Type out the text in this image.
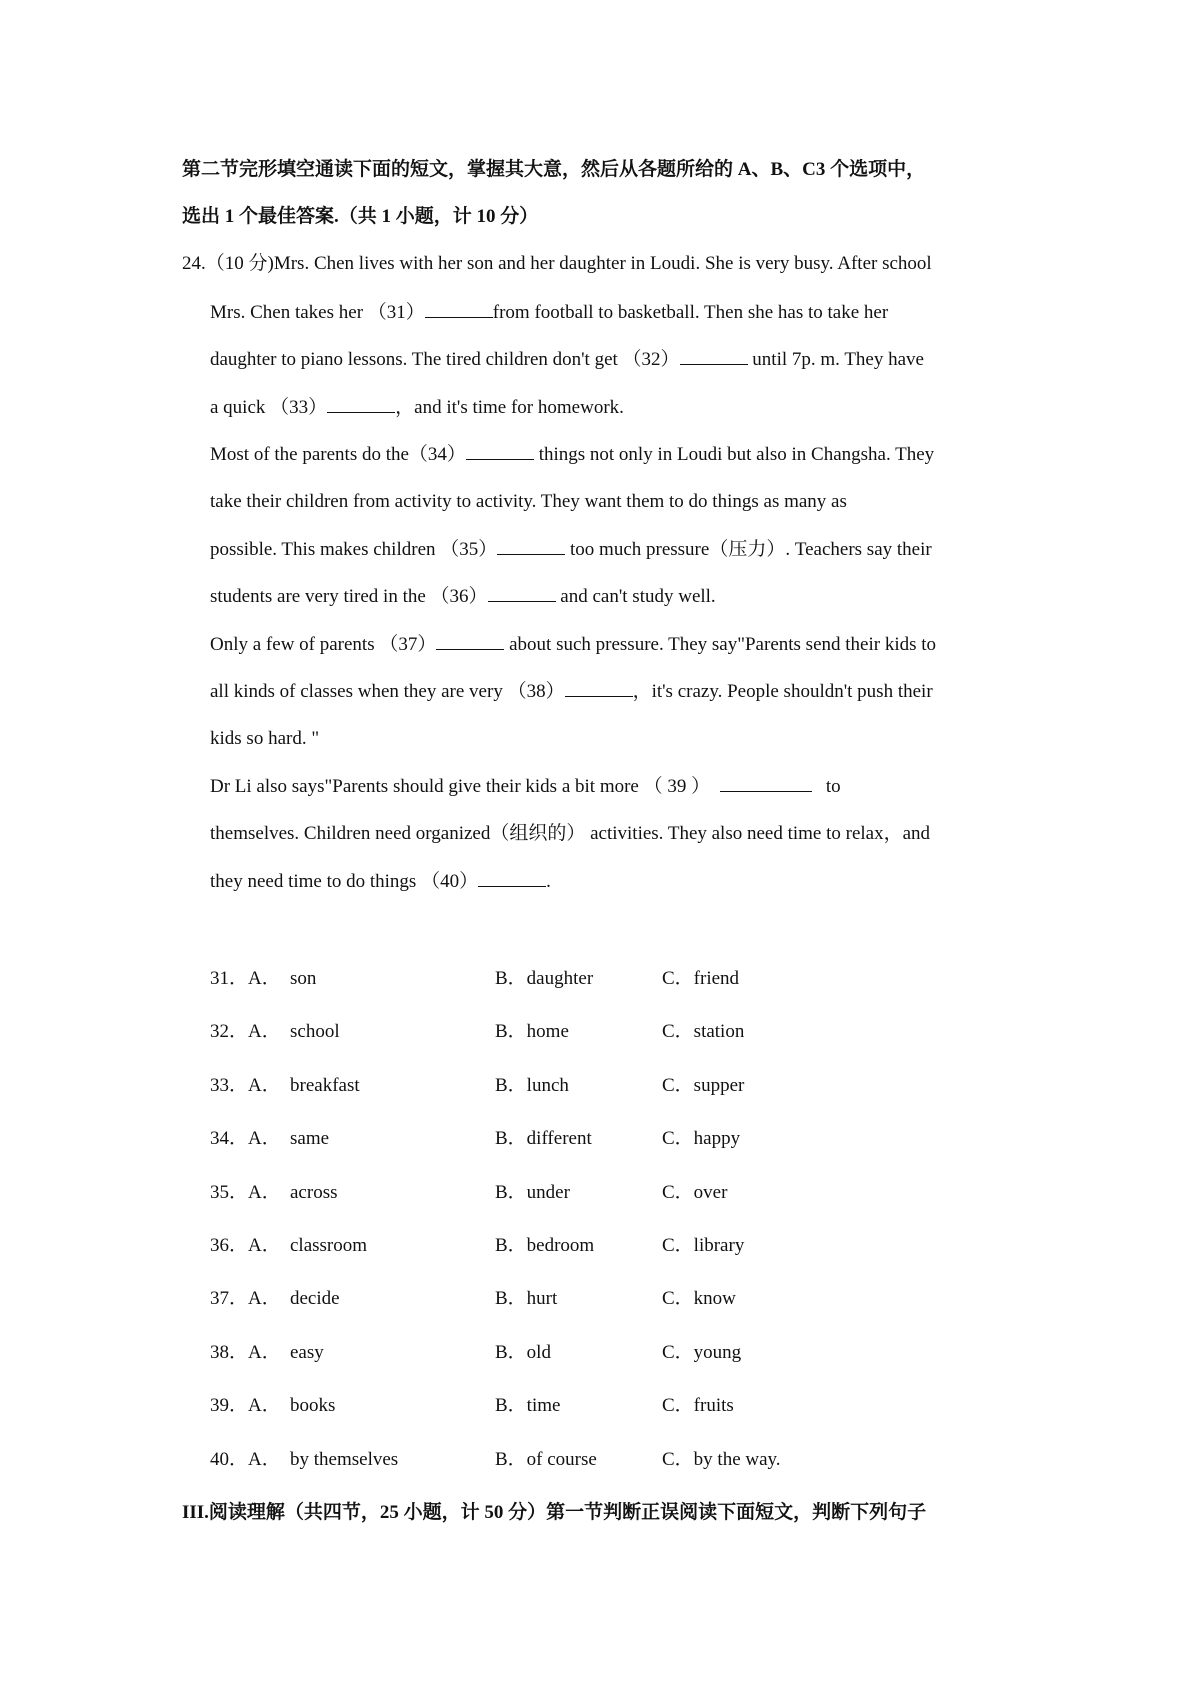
第二节完形填空通读下面的短文，掌握其大意，然后从各题所给的 A、B、C3 个选项中，
选出 1 个最佳答案.（共 1 小题，计 10 分）
24.（10 分)Mrs. Chen lives with her son and her daughter in Loudi. She is very busy. After school
Mrs. Chen takes her （31）	from football to basketball. Then she has to take her
daughter to piano lessons. The tired children don't get （32）	until 7p. m. They have
a quick （33）	，and it's time for homework.
Most of the parents do the（34）	things not only in Loudi but also in Changsha. They
take their children from activity to activity. They want them to do things as many as
possible. This makes children （35）	too much pressure（压力）. Teachers say their
students are very tired in the （36）	and can't study well.
Only a few of parents （37）	about such pressure. They say"Parents send their kids to
all kinds of classes when they are very （38）	，it's crazy. People shouldn't push their
kids so hard. "
Dr Li also says"Parents should give their kids a bit more （ 39 ）	to
themselves. Children need organized（组织的） activities. They also need time to relax，and
they need time to do things （40）	.
31．A． son	B．daughter	C．friend
32．A． school	B．home	C．station
33．A． breakfast	B．lunch	C．supper
34．A． same	B．different	C．happy
35．A． across	B．under	C．over
36．A． classroom	B．bedroom	C．library
37．A． decide	B．hurt	C．know
38．A． easy	B．old	C．young
39．A． books	B．time	C．fruits
40．A． by themselves	B．of course	C．by the way.
III.阅读理解（共四节，25 小题，计 50 分）第一节判断正误阅读下面短文，判断下列句子
